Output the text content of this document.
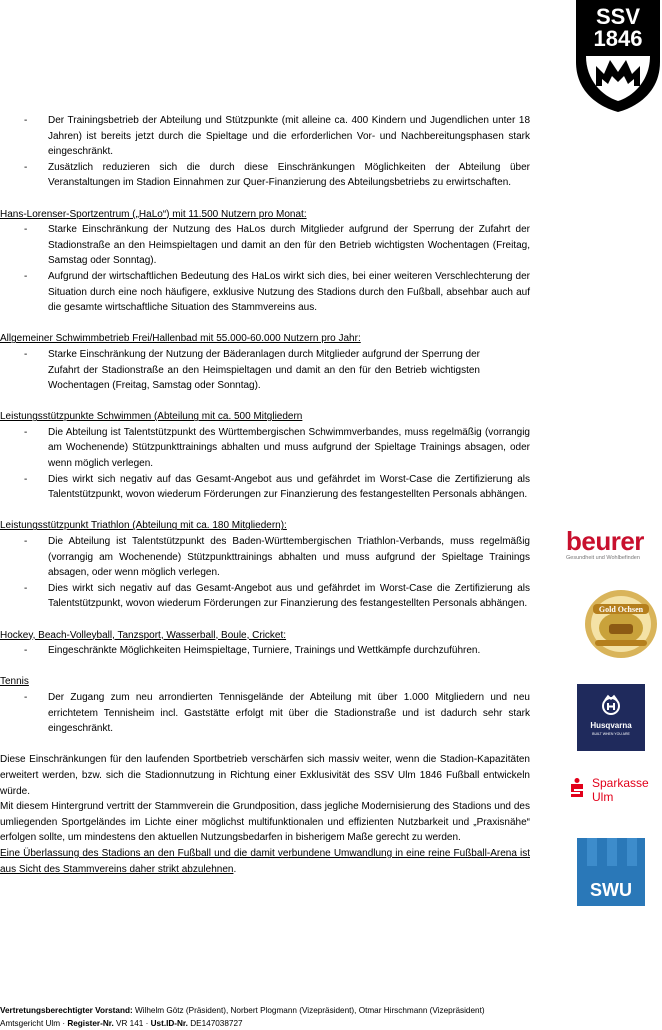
SSV
1846
- Der Trainingsbetrieb der Abteilung und Stützpunkte (mit alleine ca. 400 Kindern und Jugendlichen unter 18 Jahren) ist bereits jetzt durch die Spieltage und die erforderlichen Vor- und Nachbereitungsphasen stark eingeschränkt.
- Zusätzlich reduzieren sich die durch diese Einschränkungen Möglichkeiten der Abteilung über Veranstaltungen im Stadion Einnahmen zur Quer-Finanzierung des Abteilungsbetriebs zu erwirtschaften.
Hans-Lorenser-Sportzentrum („HaLo“) mit 11.500 Nutzern pro Monat:
- Starke Einschränkung der Nutzung des HaLos durch Mitglieder aufgrund der Sperrung der Zufahrt der Stadionstraße an den Heimspieltagen und damit an den für den Betrieb wichtigsten Wochentagen (Freitag, Samstag oder Sonntag).
- Aufgrund der wirtschaftlichen Bedeutung des HaLos wirkt sich dies, bei einer weiteren Verschlechterung der Situation durch eine noch häufigere, exklusive Nutzung des Stadions durch den Fußball, absehbar auch auf die gesamte wirtschaftliche Situation des Stammvereins aus.
Allgemeiner Schwimmbetrieb Frei/Hallenbad mit 55.000-60.000 Nutzern pro Jahr:
- Starke Einschränkung der Nutzung der Bäderanlagen durch Mitglieder aufgrund der Sperrung der Zufahrt der Stadionstraße an den Heimspieltagen und damit an den für den Betrieb wichtigsten Wochentagen (Freitag, Samstag oder Sonntag).
Leistungsstützpunkte Schwimmen (Abteilung mit ca. 500 Mitgliedern
- Die Abteilung ist Talentstützpunkt des Württembergischen Schwimmverbandes, muss regelmäßig (vorrangig am Wochenende) Stützpunkttrainings abhalten und muss aufgrund der Spieltage Trainings absagen, oder wenn möglich verlegen.
- Dies wirkt sich negativ auf das Gesamt-Angebot aus und gefährdet im Worst-Case die Zertifizierung als Talentstützpunkt, wovon wiederum Förderungen zur Finanzierung des festangestellten Personals abhängen.
Leistungsstützpunkt Triathlon (Abteilung mit ca. 180 Mitgliedern):
- Die Abteilung ist Talentstützpunkt des Baden-Württembergischen Triathlon-Verbands, muss regelmäßig (vorrangig am Wochenende) Stützpunkttrainings abhalten und muss aufgrund der Spieltage Trainings absagen, oder wenn möglich verlegen.
- Dies wirkt sich negativ auf das Gesamt-Angebot aus und gefährdet im Worst-Case die Zertifizierung als Talentstützpunkt, wovon wiederum Förderungen zur Finanzierung des festangestellten Personals abhängen.
Hockey, Beach-Volleyball, Tanzsport, Wasserball, Boule, Cricket:
- Eingeschränkte Möglichkeiten Heimspieltage, Turniere, Trainings und Wettkämpfe durchzuführen.
Tennis
- Der Zugang zum neu arrondierten Tennisgelände der Abteilung mit über 1.000 Mitgliedern und neu errichtetem Tennisheim incl. Gaststätte erfolgt mit über die Stadionstraße und ist dadurch sehr stark eingeschränkt.
Diese Einschränkungen für den laufenden Sportbetrieb verschärfen sich massiv weiter, wenn die Stadion-Kapazitäten erweitert werden, bzw. sich die Stadionnutzung in Richtung einer Exklusivität des SSV Ulm 1846 Fußball entwickeln würde.
Mit diesem Hintergrund vertritt der Stammverein die Grundposition, dass jegliche Modernisierung des Stadions und des umliegenden Sportgeländes im Lichte einer möglichst multifunktionalen und effizienten Nutzbarkeit und „Praxisnähe“ erfolgen sollte, um mindestens den aktuellen Nutzungsbedarfen in bisherigem Maße gerecht zu werden.
Eine Überlassung des Stadions an den Fußball und die damit verbundene Umwandlung in eine reine Fußball-Arena ist aus Sicht des Stammvereins daher strikt abzulehnen.
beurer
Gesundheit und Wohlbefinden
Gold Ochsen
Husqvarna
BUILT WHEN YOU ARE
Sparkasse
Ulm
SWU
Vertretungsberechtigter Vorstand: Wilhelm Götz (Präsident), Norbert Plogmann (Vizepräsident), Otmar Hirschmann (Vizepräsident)
Amtsgericht Ulm · Register-Nr. VR 141 · Ust.ID-Nr. DE147038727
